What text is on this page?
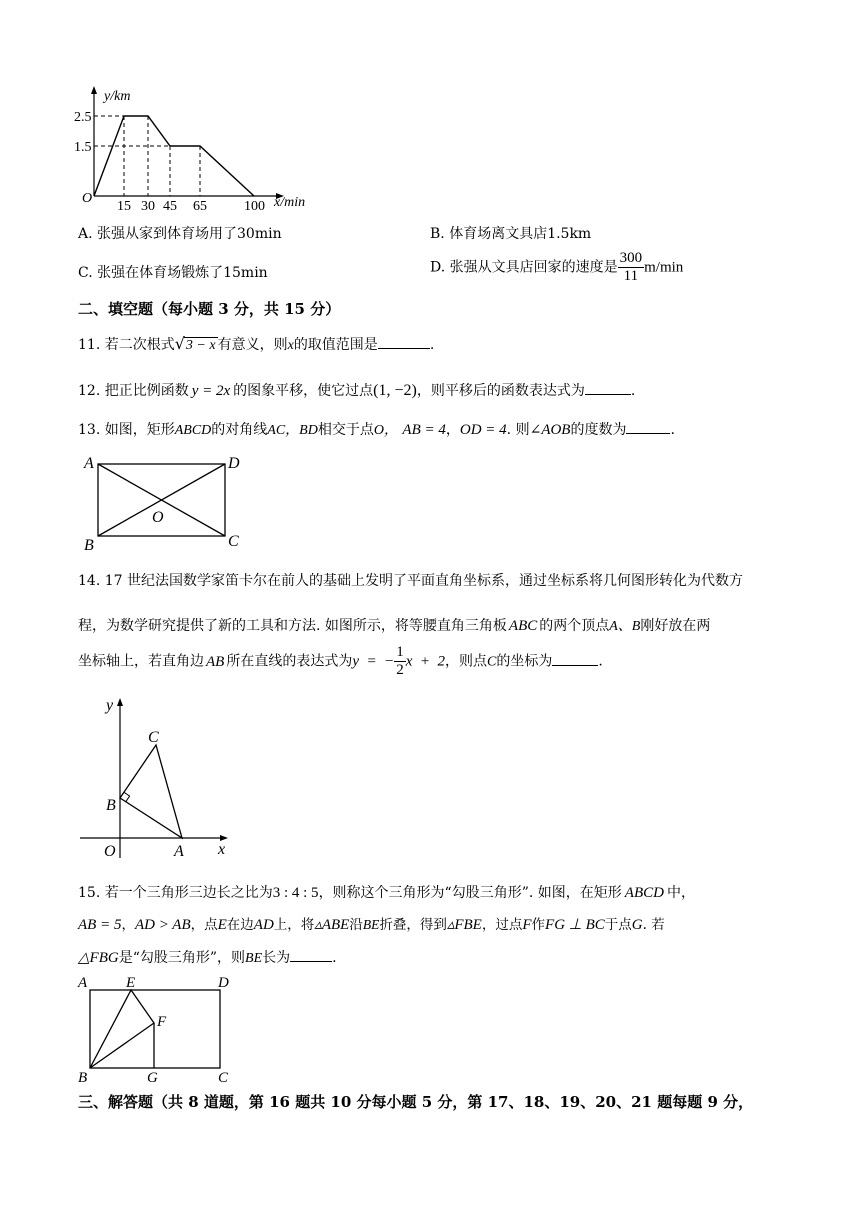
y/km
x/min
O
2.5
1.5
15 30 45 65	100
A. 张强从家到体育场用了30min	B. 体育场离文具店1.5km
C. 张强在体育场锻炼了15min	D. 张强从文具店回家的速度是 $\frac{300}{11} m/\min$
二、填空题（每小题 3 分，共 15 分）
11. 若二次根式√3 − x 有意义，则x的取值范围是	.
12. 把正比例函数 y = 2x 的图象平移，使它过点(1, −2)，则平移后的函数表达式为	.
13. 如图，矩形ABCD的对角线AC，BD相交于点O， AB = 4，OD = 4. 则∠AOB的度数为	.
A	D
B	C
O
14. 17 世纪法国数学家笛卡尔在前人的基础上发明了平面直角坐标系，通过坐标系将几何图形转化为代数方
程，为数学研究提供了新的工具和方法. 如图所示，将等腰直角三角板 ABC 的两个顶点A、B刚好放在两
坐标轴上，若直角边 AB 所在直线的表达式为y  =  − $\frac{1}{2}$ x  +  2，则点C的坐标为	.
y
x
O	A
B
C
15. 若一个三角形三边长之比为3 : 4 : 5，则称这个三角形为“勾股三角形”. 如图，在矩形 ABCD 中，
AB = 5，AD > AB，点E在边AD上，将▵ABE沿BE折叠，得到▵FBE，过点F作FG ⊥ BC于点G. 若
△FBG是“勾股三角形”，则BE长为	.
A	E	D
F
B	G	C
三、解答题（共 8 道题，第 16 题共 10 分每小题 5 分，第 17、18、19、20、21 题每题 9 分，
